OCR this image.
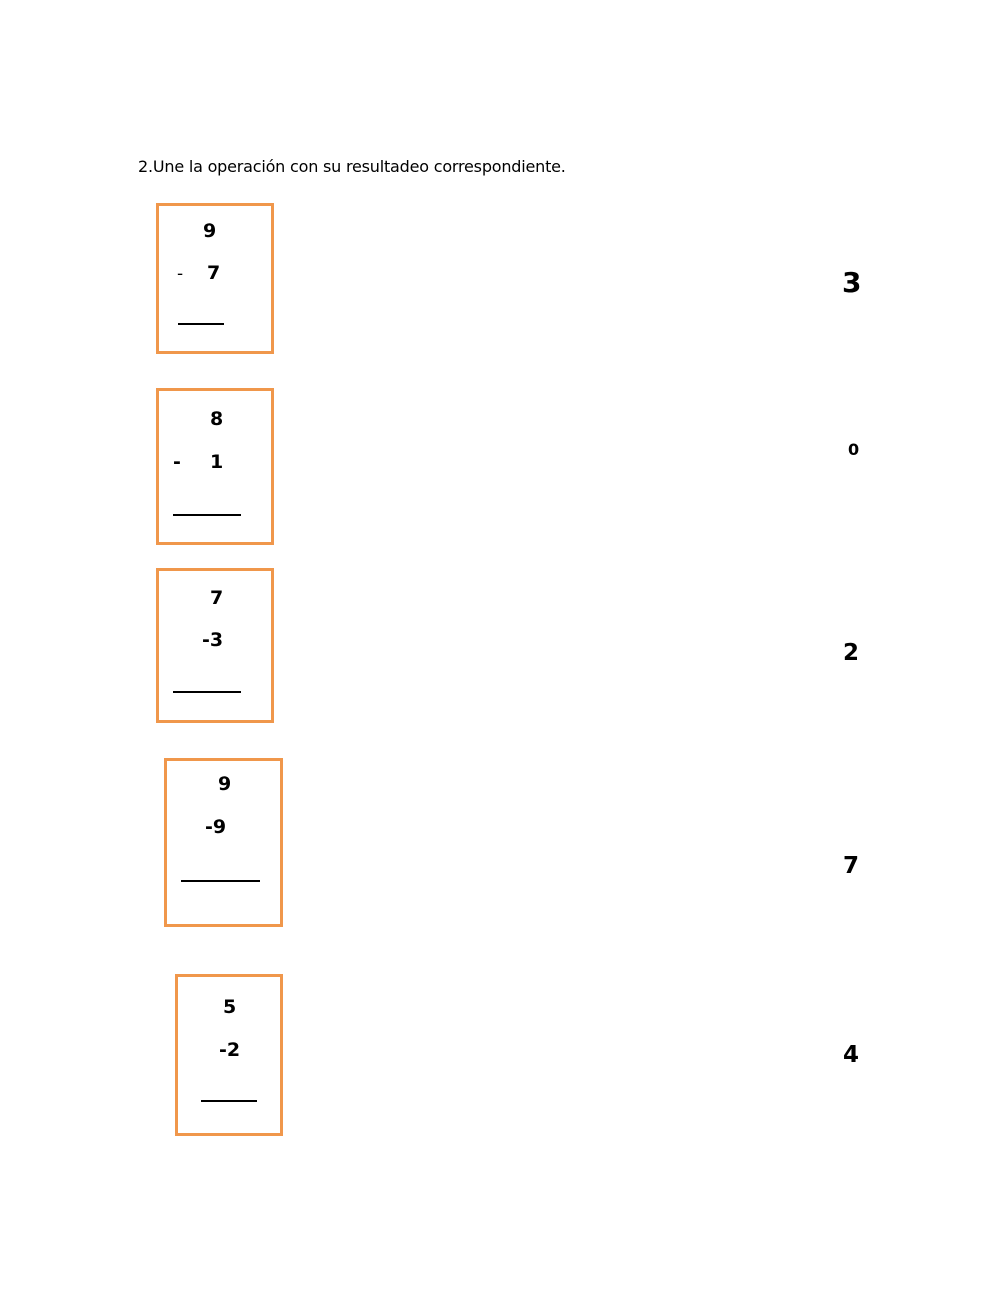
2.Une la operación con su resultadeo correspondiente.
9
- 7
8
- 1
7
-3
9
-9
5
-2
3
0
2
7
4
